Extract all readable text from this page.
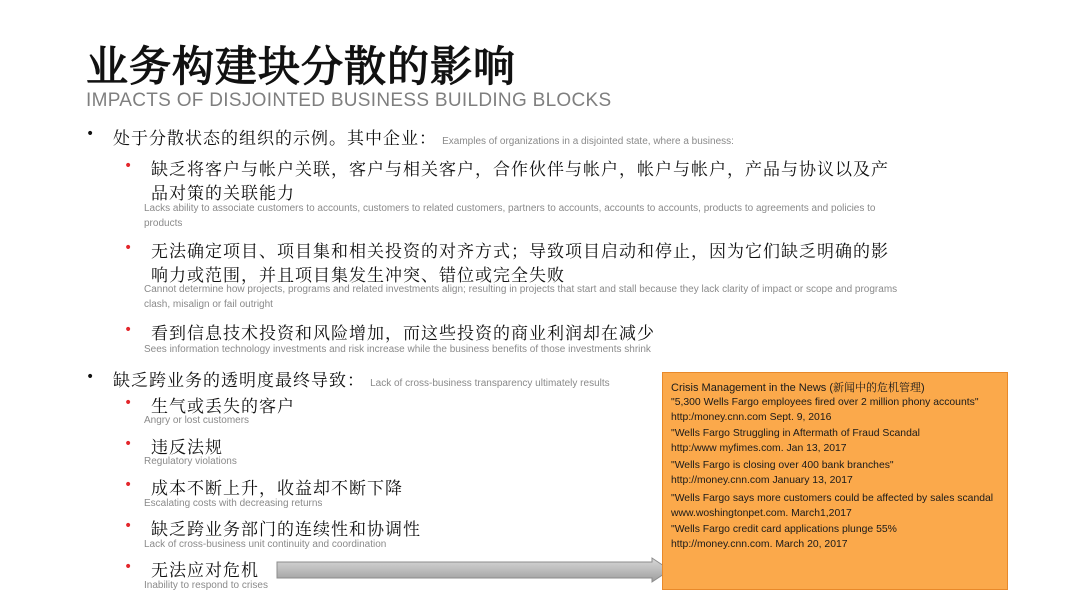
业务构建块分散的影响
IMPACTS OF DISJOINTED BUSINESS BUILDING BLOCKS
• 处于分散状态的组织的示例。其中企业： Examples of organizations in a disjointed state, where a business:
• 缺乏将客户与帐户关联，客户与相关客户，合作伙伴与帐户，帐户与帐户，产品与协议以及产
品对策的关联能力
Lacks ability to associate customers to accounts, customers to related customers, partners to accounts, accounts to accounts, products to agreements and policies to
products
• 无法确定项目、项目集和相关投资的对齐方式；导致项目启动和停止，因为它们缺乏明确的影
响力或范围，并且项目集发生冲突、错位或完全失败
Cannot determine how projects, programs and related investments align; resulting in projects that start and stall because they lack clarity of impact or scope and programs
clash, misalign or fail outright
• 看到信息技术投资和风险增加，而这些投资的商业利润却在减少
Sees information technology investments and risk increase while the business benefits of those investments shrink
• 缺乏跨业务的透明度最终导致： Lack of cross-business transparency ultimately results
• 生气或丢失的客户
Angry or lost customers
• 违反法规
Regulatory violations
• 成本不断上升，收益却不断下降
Escalating costs with decreasing returns
• 缺乏跨业务部门的连续性和协调性
Lack of cross-business unit continuity and coordination
• 无法应对危机
Inability to respond to crises
Crisis Management in the News (新闻中的危机管理)
"5,300 Wells Fargo employees fired over 2 million phony accounts"
http:/money.cnn.com Sept. 9, 2016
"Wells Fargo Struggling in Aftermath of Fraud Scandal
http:/www myfimes.com. Jan 13, 2017
"Wells Fargo is closing over 400 bank branches"
http://money.cnn.com January 13, 2017
"Wells Fargo says more customers could be affected by sales scandal
www.woshingtonpet.com. March1,2017
"Wells Fargo credit card applications plunge 55%
http://money.cnn.com. March 20, 2017
